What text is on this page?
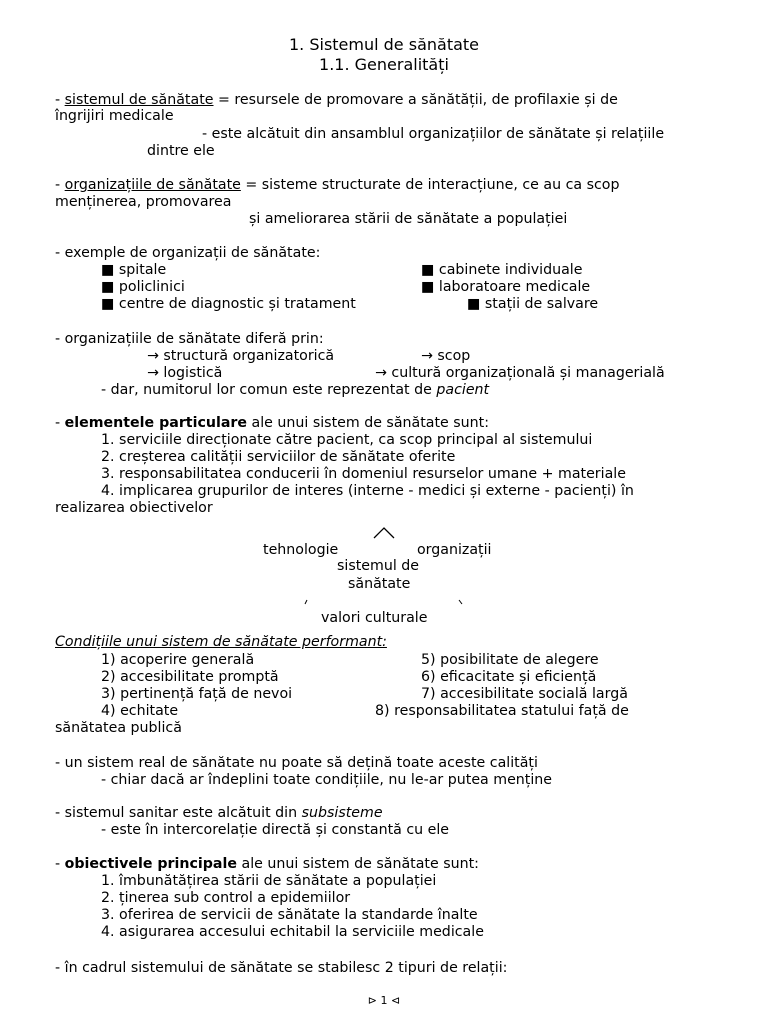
1. Sistemul de sănătate
1.1. Generalități
- sistemul de sănătate = resursele de promovare a sănătății, de profilaxie și de
îngrijiri medicale
- este alcătuit din ansamblul organizațiilor de sănătate și relațiile
dintre ele
- organizațiile de sănătate = sisteme structurate de interacțiune, ce au ca scop
menținerea, promovarea
și ameliorarea stării de sănătate a populației
- exemple de organizații de sănătate:
■ spitale
■ policlinici
■ centre de diagnostic și tratament
■ cabinete individuale
■ laboratoare medicale
■ stații de salvare
- organizațiile de sănătate diferă prin:
→ structură organizatorică
→ logistică
→ scop
→ cultură organizațională și managerială
- dar, numitorul lor comun este reprezentat de pacient
- elementele particulare ale unui sistem de sănătate sunt:
1. serviciile direcționate către pacient, ca scop principal al sistemului
2. creșterea calității serviciilor de sănătate oferite
3. responsabilitatea conducerii în domeniul resurselor umane + materiale
4. implicarea grupurilor de interes (interne - medici și externe - pacienți) în
realizarea obiectivelor
tehnologie	organizații
sistemul de
sănătate
valori culturale
Condițiile unui sistem de sănătate performant:
1) acoperire generală
2) accesibilitate promptă
3) pertinență față de nevoi
4) echitate
5) posibilitate de alegere
6) eficacitate și eficiență
7) accesibilitate socială largă
8) responsabilitatea statului față de
sănătatea publică
- un sistem real de sănătate nu poate să dețină toate aceste calități
- chiar dacă ar îndeplini toate condițiile, nu le-ar putea menține
- sistemul sanitar este alcătuit din subsisteme
- este în intercorelație directă și constantă cu ele
- obiectivele principale ale unui sistem de sănătate sunt:
1. îmbunătățirea stării de sănătate a populației
2. ținerea sub control a epidemiilor
3. oferirea de servicii de sănătate la standarde înalte
4. asigurarea accesului echitabil la serviciile medicale
- în cadrul sistemului de sănătate se stabilesc 2 tipuri de relații:
⊳ 1 ⊲
